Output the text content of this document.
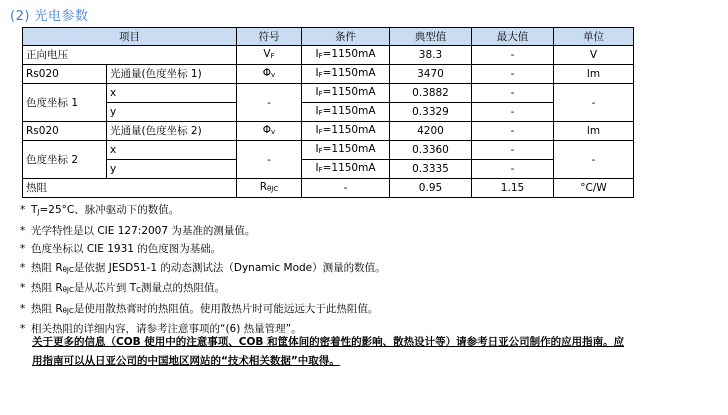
(2) 光电参数
项目		符号	条件	典型值	最大值	单位
正向电压		$V_F$	$I_F=1150mA$	38.3	-	V
Rs020	光通量(色度坐标 1)	$\Phi_v$	$I_F=1150mA$	3470	-	lm
色度坐标 1	x	-	$I_F=1150mA$	0.3882	-	-
	y		$I_F=1150mA$	0.3329	-	
Rs020	光通量(色度坐标 2)	$\Phi_v$	$I_F=1150mA$	4200	-	lm
色度坐标 2	x	-	$I_F=1150mA$	0.3360	-	-
	y		$I_F=1150mA$	0.3335	-	
热阻		$R_{\theta JC}$	-	0.95	1.15	°C/W
* $T_J=25^\circ C$、脉冲驱动下的数值。
* 光学特性是以 CIE 127:2007 为基准的测量值。
* 色度坐标以 CIE 1931 的色度图为基础。
* 热阻 $R_{\theta JC}$是依据 JESD51-1 的动态测试法（Dynamic Mode）测量的数值。
* 热阻 $R_{\theta JC}$是从芯片到 $T_C$测量点的热阻值。
* 热阻 $R_{\theta JC}$是使用散热膏时的热阻值。使用散热片时可能远远大于此热阻值。
* 相关热阻的详细内容，请参考注意事项的“(6) 热量管理”。
关于更多的信息（COB 使用中的注意事项、COB 和筐体间的密着性的影响、散热设计等）请参考日亚公司制作的应用指南。应
用指南可以从日亚公司的中国地区网站的“技术相关数据”中取得。
